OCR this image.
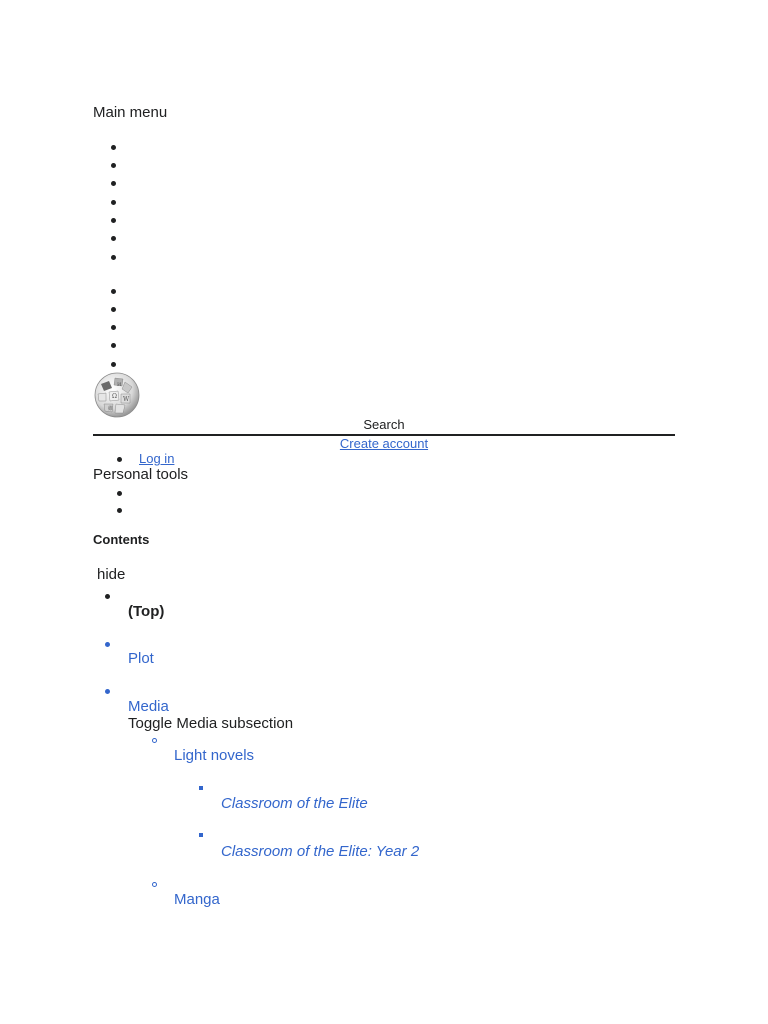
Main menu
Ω W
И
維
Search
Create account
Log in
Personal tools
Contents
hide
(Top)
Plot
Media
Toggle Media subsection
Light novels
Classroom of the Elite
Classroom of the Elite: Year 2
Manga
